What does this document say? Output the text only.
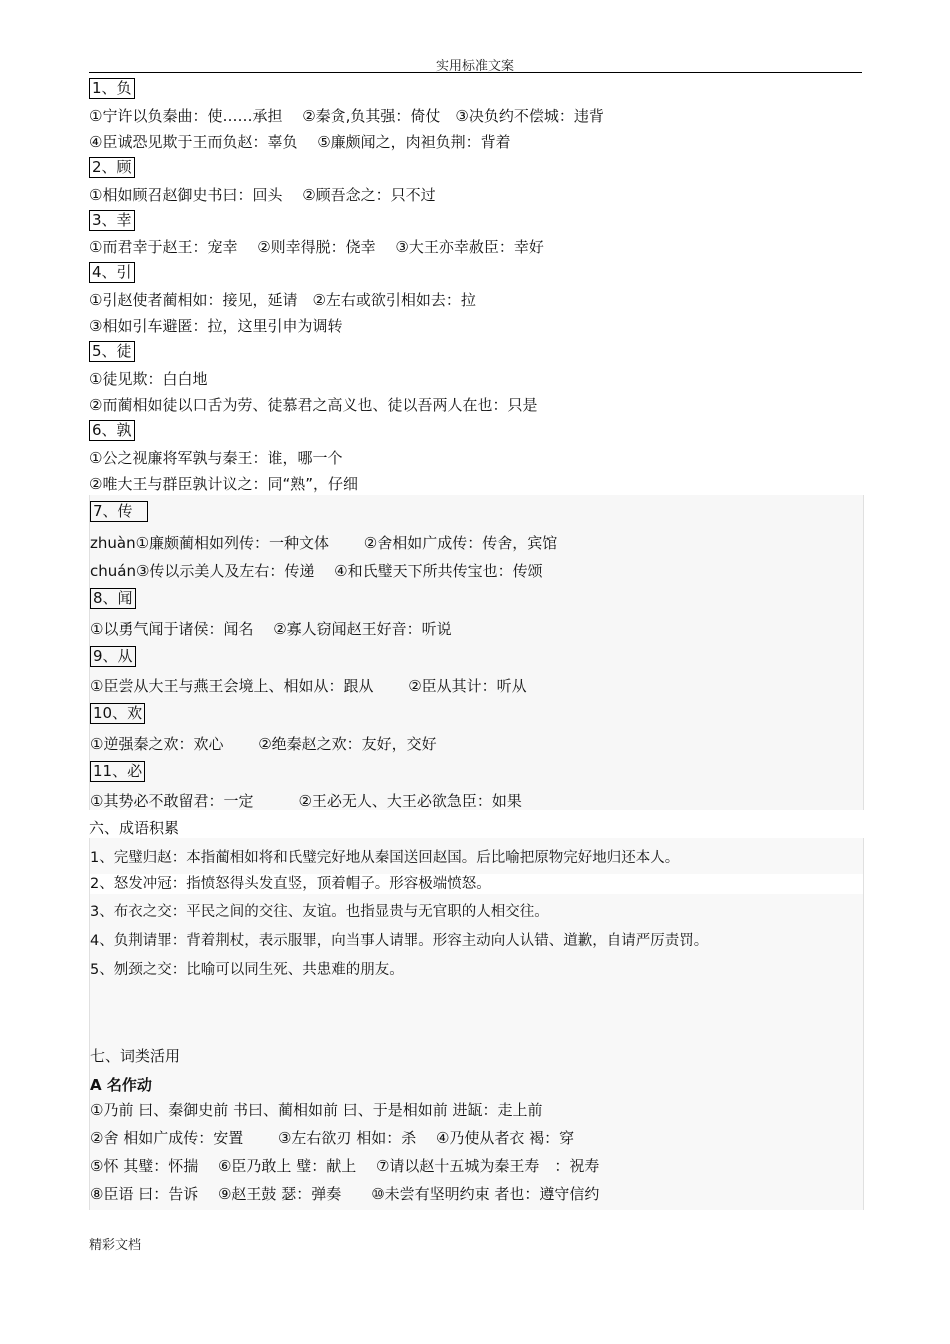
实用标准文案
1、负
①宁许以负秦曲：使……承担　 ②秦贪,负其强：倚仗　③决负约不偿城：违背
④臣诚恐见欺于王而负赵：辜负　 ⑤廉颇闻之，肉袒负荆：背着
2、顾
①相如顾召赵御史书曰：回头　 ②顾吾念之：只不过
3、幸
①而君幸于赵王：宠幸　 ②则幸得脱：侥幸　 ③大王亦幸赦臣：幸好
4、引
①引赵使者蔺相如：接见，延请　②左右或欲引相如去：拉
③相如引车避匿：拉，这里引申为调转
5、徒
①徒见欺：白白地
②而蔺相如徒以口舌为劳、徒慕君之高义也、徒以吾两人在也：只是
6、孰
①公之视廉将军孰与秦王：谁，哪一个
②唯大王与群臣孰计议之：同“熟”，仔细
7、传
zhuàn①廉颇蔺相如列传：一种文体　　 ②舍相如广成传：传舍，宾馆
chuán③传以示美人及左右：传递　 ④和氏璧天下所共传宝也：传颂
8、闻
①以勇气闻于诸侯：闻名　 ②寡人窃闻赵王好音：听说
9、从
①臣尝从大王与燕王会境上、相如从：跟从　　 ②臣从其计：听从
10、欢
①逆强秦之欢：欢心　　 ②绝秦赵之欢：友好，交好
11、必
①其势必不敢留君：一定　　　②王必无人、大王必欲急臣：如果
六、成语积累
1、完璧归赵：本指蔺相如将和氏璧完好地从秦国送回赵国。后比喻把原物完好地归还本人。
2、怒发冲冠：指愤怒得头发直竖，顶着帽子。形容极端愤怒。
3、布衣之交：平民之间的交往、友谊。也指显贵与无官职的人相交往。
4、负荆请罪：背着荆杖，表示服罪，向当事人请罪。形容主动向人认错、道歉，自请严厉责罚。
5、刎颈之交：比喻可以同生死、共患难的朋友。
七、词类活用
A 名作动
①乃前 曰、秦御史前 书曰、蔺相如前 曰、于是相如前 进缻：走上前
②舍 相如广成传：安置　　 ③左右欲刃 相如：杀　 ④乃使从者衣 褐：穿
⑤怀 其璧：怀揣　 ⑥臣乃敢上 璧：献上　 ⑦请以赵十五城为秦王寿　：祝寿
⑧臣语 曰：告诉　 ⑨赵王鼓 瑟：弹奏　　⑩未尝有坚明约束 者也：遵守信约
精彩文档
